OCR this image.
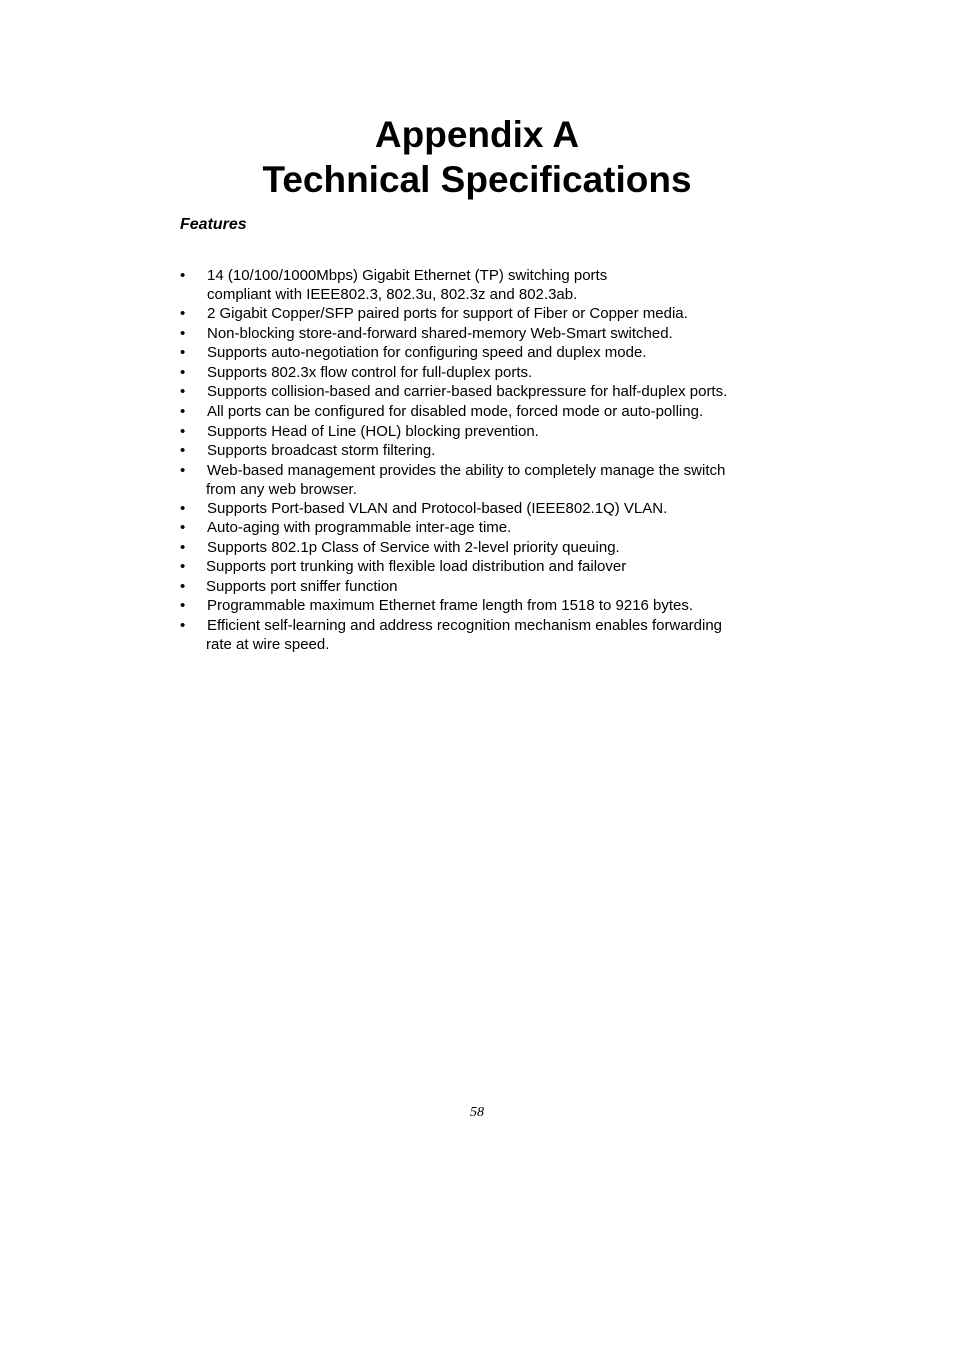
Appendix A
Technical Specifications
Features
• 14 (10/100/1000Mbps) Gigabit Ethernet (TP) switching ports
compliant with IEEE802.3, 802.3u, 802.3z and 802.3ab.
• 2 Gigabit Copper/SFP paired ports for support of Fiber or Copper media.
• Non-blocking store-and-forward shared-memory Web-Smart switched.
• Supports auto-negotiation for configuring speed and duplex mode.
• Supports 802.3x flow control for full-duplex ports.
• Supports collision-based and carrier-based backpressure for half-duplex ports.
• All ports can be configured for disabled mode, forced mode or auto-polling.
• Supports Head of Line (HOL) blocking prevention.
• Supports broadcast storm filtering.
• Web-based management provides the ability to completely manage the switch
from any web browser.
• Supports Port-based VLAN and Protocol-based (IEEE802.1Q) VLAN.
• Auto-aging with programmable inter-age time.
• Supports 802.1p Class of Service with 2-level priority queuing.
• Supports port trunking with flexible load distribution and failover
• Supports port sniffer function
• Programmable maximum Ethernet frame length from 1518 to 9216 bytes.
• Efficient self-learning and address recognition mechanism enables forwarding
rate at wire speed.
58
